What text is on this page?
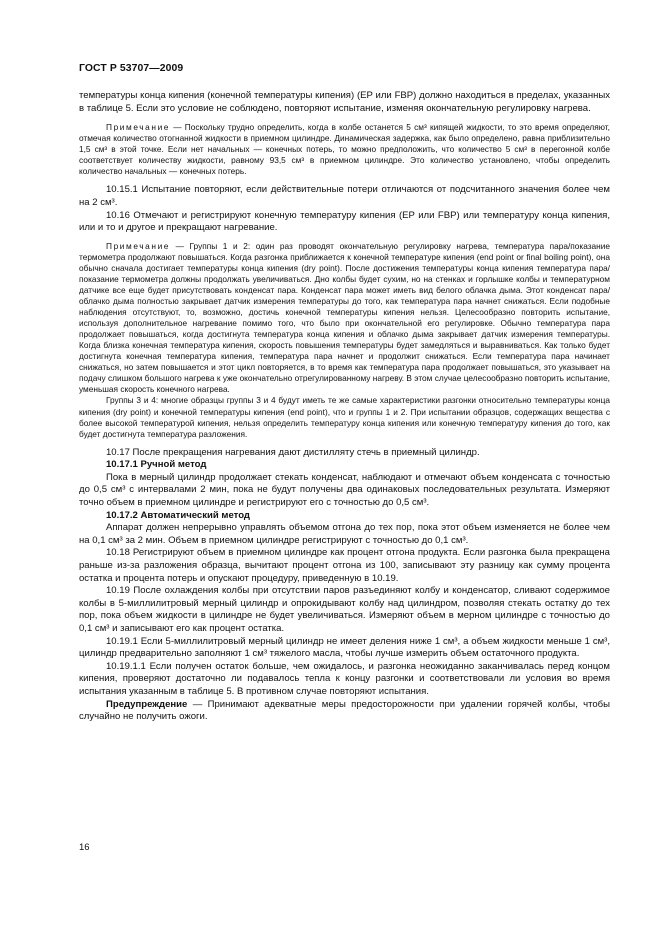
ГОСТ Р 53707—2009

температуры конца кипения (конечной температуры кипения) (EP или FBP) должно находиться в пределах, указанных в таблице 5. Если это условие не соблюдено, повторяют испытание, изменяя окончательную регулировку нагрева.

Примечание — Поскольку трудно определить, когда в колбе останется 5 см³ кипящей жидкости, то это время определяют, отмечая количество отогнанной жидкости в приемном цилиндре. Динамическая задержка, как было определено, равна приблизительно 1,5 см³ в этой точке. Если нет начальных — конечных потерь, то можно предположить, что количество 5 см³ в перегонной колбе соответствует количеству жидкости, равному 93,5 см³ в приемном цилиндре. Это количество установлено, чтобы определить количество начальных — конечных потерь.

10.15.1 Испытание повторяют, если действительные потери отличаются от подсчитанного значения более чем на 2 см³.

10.16 Отмечают и регистрируют конечную температуру кипения (EP или FBP) или температуру конца кипения, или и то и другое и прекращают нагревание.

Примечание — Группы 1 и 2: один раз проводят окончательную регулировку нагрева, температура пара/показание термометра продолжают повышаться. Когда разгонка приближается к конечной температуре кипения (end point or final boiling point), она обычно сначала достигает температуры конца кипения (dry point). После достижения температуры конца кипения температура пара/показание термометра должны продолжать увеличиваться. Дно колбы будет сухим, но на стенках и горлышке колбы и температурном датчике все еще будет присутствовать конденсат пара. Конденсат пара может иметь вид белого облачка дыма. Этот конденсат пара/облачко дыма полностью закрывает датчик измерения температуры до того, как температура пара начнет снижаться. Если подобные наблюдения отсутствуют, то, возможно, достичь конечной температуры кипения нельзя. Целесообразно повторить испытание, используя дополнительное нагревание помимо того, что было при окончательной его регулировке. Обычно температура пара продолжает повышаться, когда достигнута температура конца кипения и облачко дыма закрывает датчик измерения температуры. Когда близка конечная температура кипения, скорость повышения температуры будет замедляться и выравниваться. Как только будет достигнута конечная температура кипения, температура пара начнет и продолжит снижаться. Если температура пара начинает снижаться, но затем повышается и этот цикл повторяется, в то время как температура пара продолжает повышаться, это указывает на подачу слишком большого нагрева к уже окончательно отрегулированному нагреву. В этом случае целесообразно повторить испытание, уменьшая скорость конечного нагрева.

Группы 3 и 4: многие образцы группы 3 и 4 будут иметь те же самые характеристики разгонки относительно температуры конца кипения (dry point) и конечной температуры кипения (end point), что и группы 1 и 2. При испытании образцов, содержащих вещества с более высокой температурой кипения, нельзя определить температуру конца кипения или конечную температуру кипения до того, как будет достигнута температура разложения.

10.17 После прекращения нагревания дают дистилляту стечь в приемный цилиндр.

10.17.1 Ручной метод

Пока в мерный цилиндр продолжает стекать конденсат, наблюдают и отмечают объем конденсата с точностью до 0,5 см³ с интервалами 2 мин, пока не будут получены два одинаковых последовательных результата. Измеряют точно объем в приемном цилиндре и регистрируют его с точностью до 0,5 см³.

10.17.2 Автоматический метод

Аппарат должен непрерывно управлять объемом отгона до тех пор, пока этот объем изменяется не более чем на 0,1 см³ за 2 мин. Объем в приемном цилиндре регистрируют с точностью до 0,1 см³.

10.18 Регистрируют объем в приемном цилиндре как процент отгона продукта. Если разгонка была прекращена раньше из-за разложения образца, вычитают процент отгона из 100, записывают эту разницу как сумму процента остатка и процента потерь и опускают процедуру, приведенную в 10.19.

10.19 После охлаждения колбы при отсутствии паров разъединяют колбу и конденсатор, сливают содержимое колбы в 5-миллилитровый мерный цилиндр и опрокидывают колбу над цилиндром, позволяя стекать остатку до тех пор, пока объем жидкости в цилиндре не будет увеличиваться. Измеряют объем в мерном цилиндре с точностью до 0,1 см³ и записывают его как процент остатка.

10.19.1 Если 5-миллилитровый мерный цилиндр не имеет деления ниже 1 см³, а объем жидкости меньше 1 см³, цилиндр предварительно заполняют 1 см³ тяжелого масла, чтобы лучше измерить объем остаточного продукта.

10.19.1.1 Если получен остаток больше, чем ожидалось, и разгонка неожиданно заканчивалась перед концом кипения, проверяют достаточно ли подавалось тепла к концу разгонки и соответствовали ли условия во время испытания указанным в таблице 5. В противном случае повторяют испытания.

Предупреждение — Принимают адекватные меры предосторожности при удалении горячей колбы, чтобы случайно не получить ожоги.

16
